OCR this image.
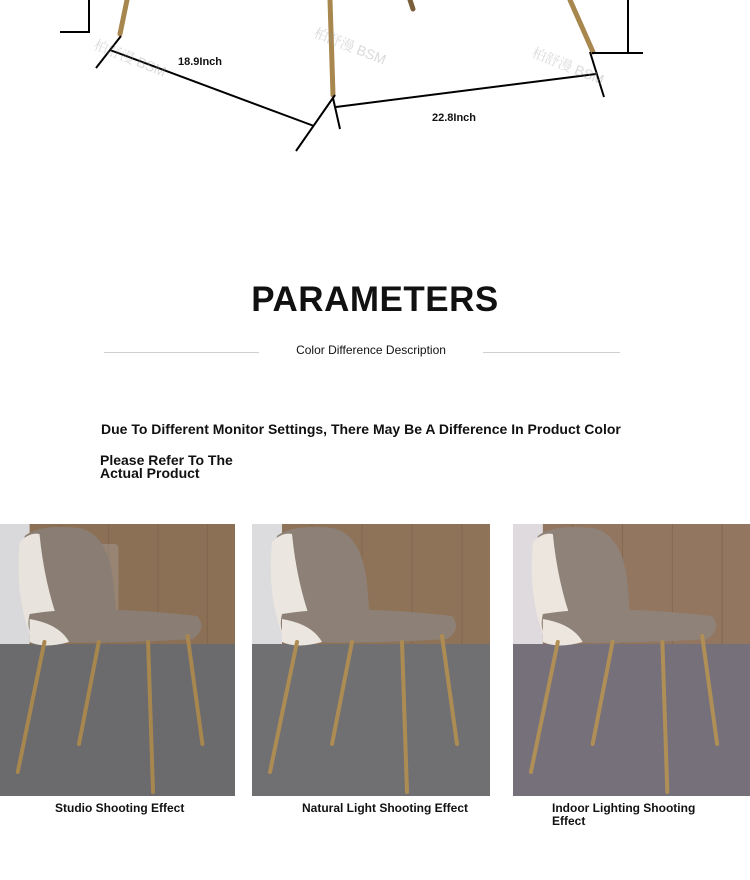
18.9Inch
22.8Inch
柏舒漫 BSM	柏舒漫 BSM	柏舒漫 BSM
PARAMETERS
Color Difference Description
Due To Different Monitor Settings, There May Be A Difference In Product Color
Please Refer To The Actual Product
Studio Shooting Effect	Natural Light Shooting Effect	Indoor Lighting Shooting Effect
